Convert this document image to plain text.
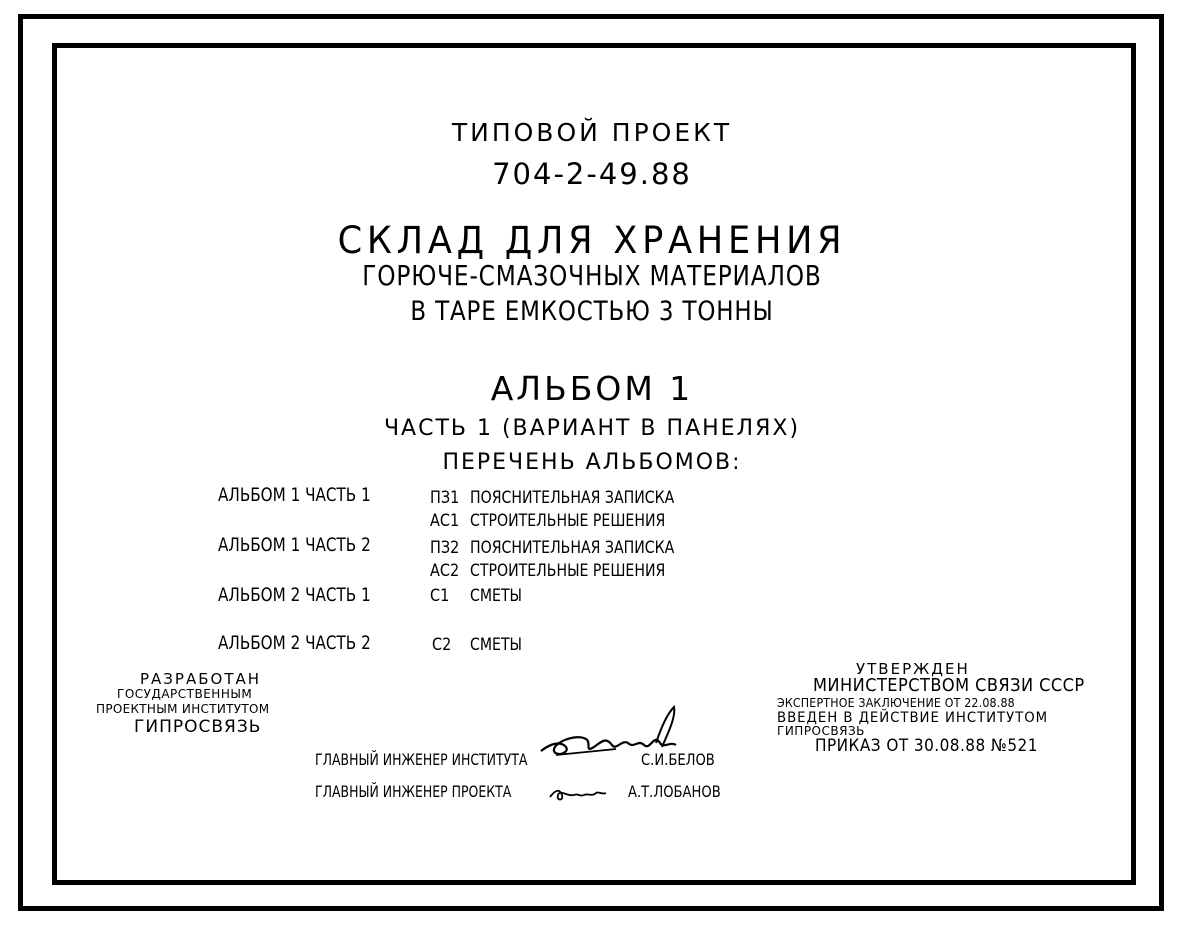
ТИПОВОЙ ПРОЕКТ
704-2-49.88
СКЛАД ДЛЯ ХРАНЕНИЯ
ГОРЮЧЕ-СМАЗОЧНЫХ МАТЕРИАЛОВ
В ТАРЕ ЕМКОСТЬЮ 3 ТОННЫ
АЛЬБОМ 1
ЧАСТЬ 1 (ВАРИАНТ В ПАНЕЛЯХ)
ПЕРЕЧЕНЬ АЛЬБОМОВ:
АЛЬБОМ 1 ЧАСТЬ 1	ПЗ1 ПОЯСНИТЕЛЬНАЯ ЗАПИСКА
АС1 СТРОИТЕЛЬНЫЕ РЕШЕНИЯ
АЛЬБОМ 1 ЧАСТЬ 2	ПЗ2 ПОЯСНИТЕЛЬНАЯ ЗАПИСКА
АС2 СТРОИТЕЛЬНЫЕ РЕШЕНИЯ
АЛЬБОМ 2 ЧАСТЬ 1	С1 СМЕТЫ
АЛЬБОМ 2 ЧАСТЬ 2	С2 СМЕТЫ
РАЗРАБОТАН
ГОСУДАРСТВЕННЫМ
ПРОЕКТНЫМ ИНСТИТУТОМ
ГИПРОСВЯЗЬ
УТВЕРЖДЕН
МИНИСТЕРСТВОМ СВЯЗИ СССР
ЭКСПЕРТНОЕ ЗАКЛЮЧЕНИЕ ОТ 22.08.88
ВВЕДЕН В ДЕЙСТВИЕ ИНСТИТУТОМ
ГИПРОСВЯЗЬ
ПРИКАЗ ОТ 30.08.88 №521
ГЛАВНЫЙ ИНЖЕНЕР ИНСТИТУТА	С.И.БЕЛОВ
ГЛАВНЫЙ ИНЖЕНЕР ПРОЕКТА	А.Т.ЛОБАНОВ
